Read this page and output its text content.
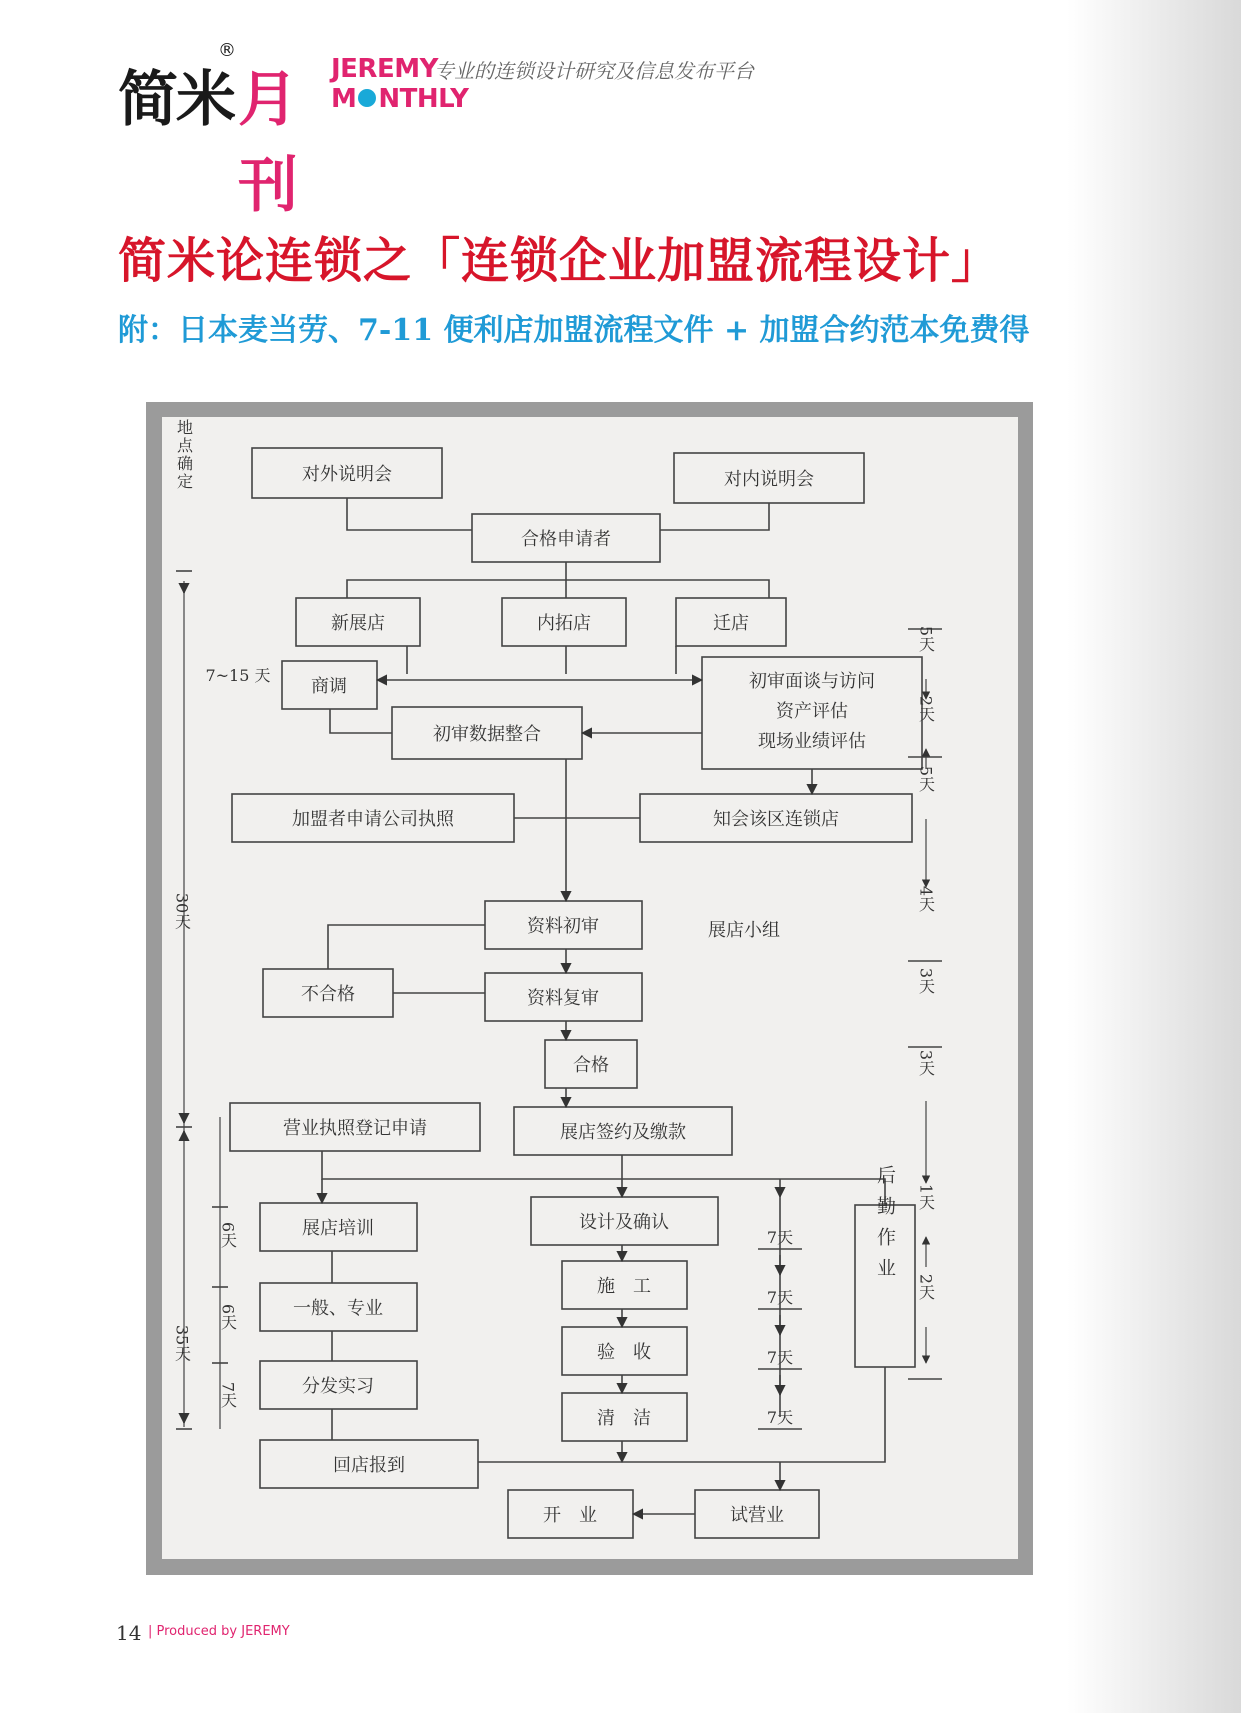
简米
®
月刊
JEREMY
M NTHLY
专业的连锁设计研究及信息发布平台
简米论连锁之「连锁企业加盟流程设计」
附：日本麦当劳、7-11 便利店加盟流程文件 + 加盟合约范本免费得
对外说明会	对内说明会
合格申请者
新展店	内拓店	迁店
商调	初审面谈与访问
资产评估
现场业绩评估
初审数据整合
加盟者申请公司执照	知会该区连锁店
资料初审	展店小组
不合格	资料复审
合格
营业执照登记申请	展店签约及缴款
展店培训	设计及确认
一般、专业
施　工
验　收
分发实习
清　洁
回店报到
试营业
开　业
后勤作业
地点确定
7~15 天
30天
35天
6天
6天
7天
5天
2天
5天
4天
3天
3天
1天
2天
7天
7天
7天
7天
14 | Produced by JEREMY
